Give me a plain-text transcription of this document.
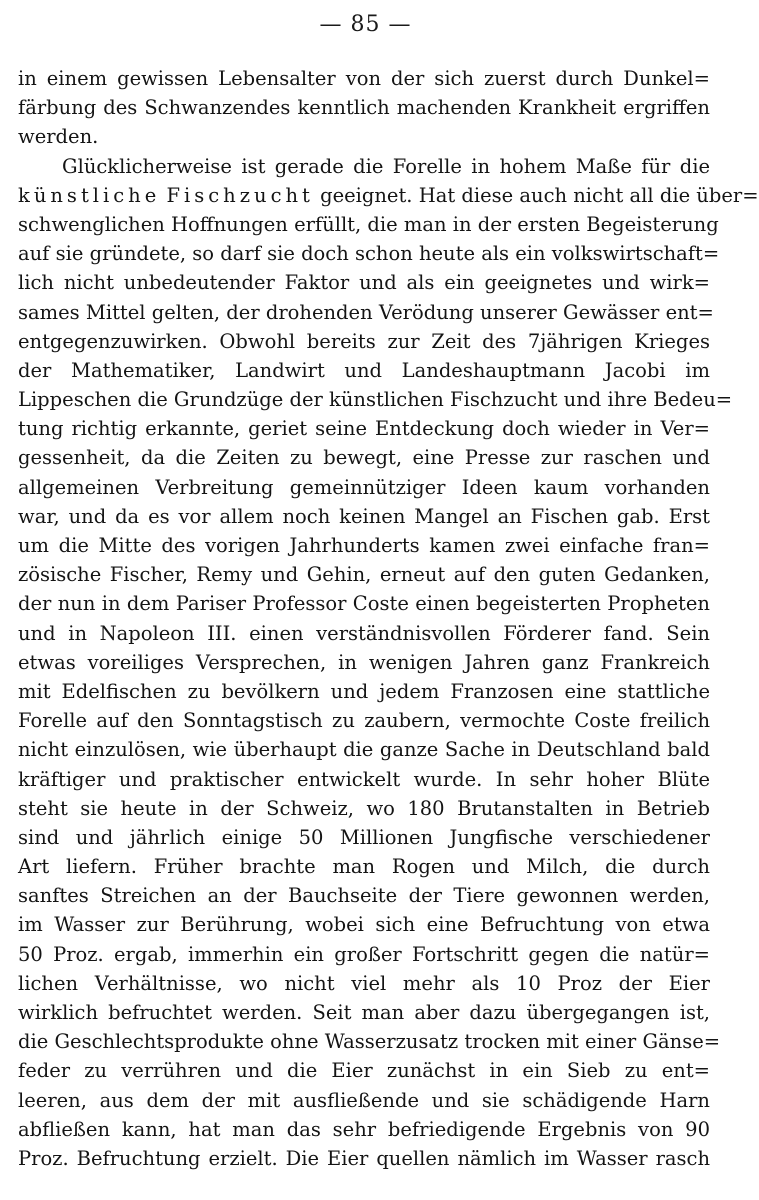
— 85 —
in einem gewissen Lebensalter von der sich zuerst durch Dunkel=
färbung des Schwanzendes kenntlich machenden Krankheit ergriffen
werden.
Glücklicherweise ist gerade die Forelle in hohem Maße für die
künstliche Fischzucht geeignet. Hat diese auch nicht all die über=
schwenglichen Hoffnungen erfüllt, die man in der ersten Begeisterung
auf sie gründete, so darf sie doch schon heute als ein volkswirtschaft=
lich nicht unbedeutender Faktor und als ein geeignetes und wirk=
sames Mittel gelten, der drohenden Verödung unserer Gewässer ent=
entgegenzuwirken. Obwohl bereits zur Zeit des 7jährigen Krieges
der Mathematiker, Landwirt und Landeshauptmann Jacobi im
Lippeschen die Grundzüge der künstlichen Fischzucht und ihre Bedeu=
tung richtig erkannte, geriet seine Entdeckung doch wieder in Ver=
gessenheit, da die Zeiten zu bewegt, eine Presse zur raschen und
allgemeinen Verbreitung gemeinnütziger Ideen kaum vorhanden
war, und da es vor allem noch keinen Mangel an Fischen gab. Erst
um die Mitte des vorigen Jahrhunderts kamen zwei einfache fran=
zösische Fischer, Remy und Gehin, erneut auf den guten Gedanken,
der nun in dem Pariser Professor Coste einen begeisterten Propheten
und in Napoleon III. einen verständnisvollen Förderer fand. Sein
etwas voreiliges Versprechen, in wenigen Jahren ganz Frankreich
mit Edelfischen zu bevölkern und jedem Franzosen eine stattliche
Forelle auf den Sonntagstisch zu zaubern, vermochte Coste freilich
nicht einzulösen, wie überhaupt die ganze Sache in Deutschland bald
kräftiger und praktischer entwickelt wurde. In sehr hoher Blüte
steht sie heute in der Schweiz, wo 180 Brutanstalten in Betrieb
sind und jährlich einige 50 Millionen Jungfische verschiedener
Art liefern. Früher brachte man Rogen und Milch, die durch
sanftes Streichen an der Bauchseite der Tiere gewonnen werden,
im Wasser zur Berührung, wobei sich eine Befruchtung von etwa
50 Proz. ergab, immerhin ein großer Fortschritt gegen die natür=
lichen Verhältnisse, wo nicht viel mehr als 10 Proz der Eier
wirklich befruchtet werden. Seit man aber dazu übergegangen ist,
die Geschlechtsprodukte ohne Wasserzusatz trocken mit einer Gänse=
feder zu verrühren und die Eier zunächst in ein Sieb zu ent=
leeren, aus dem der mit ausfließende und sie schädigende Harn
abfließen kann, hat man das sehr befriedigende Ergebnis von 90
Proz. Befruchtung erzielt. Die Eier quellen nämlich im Wasser rasch
